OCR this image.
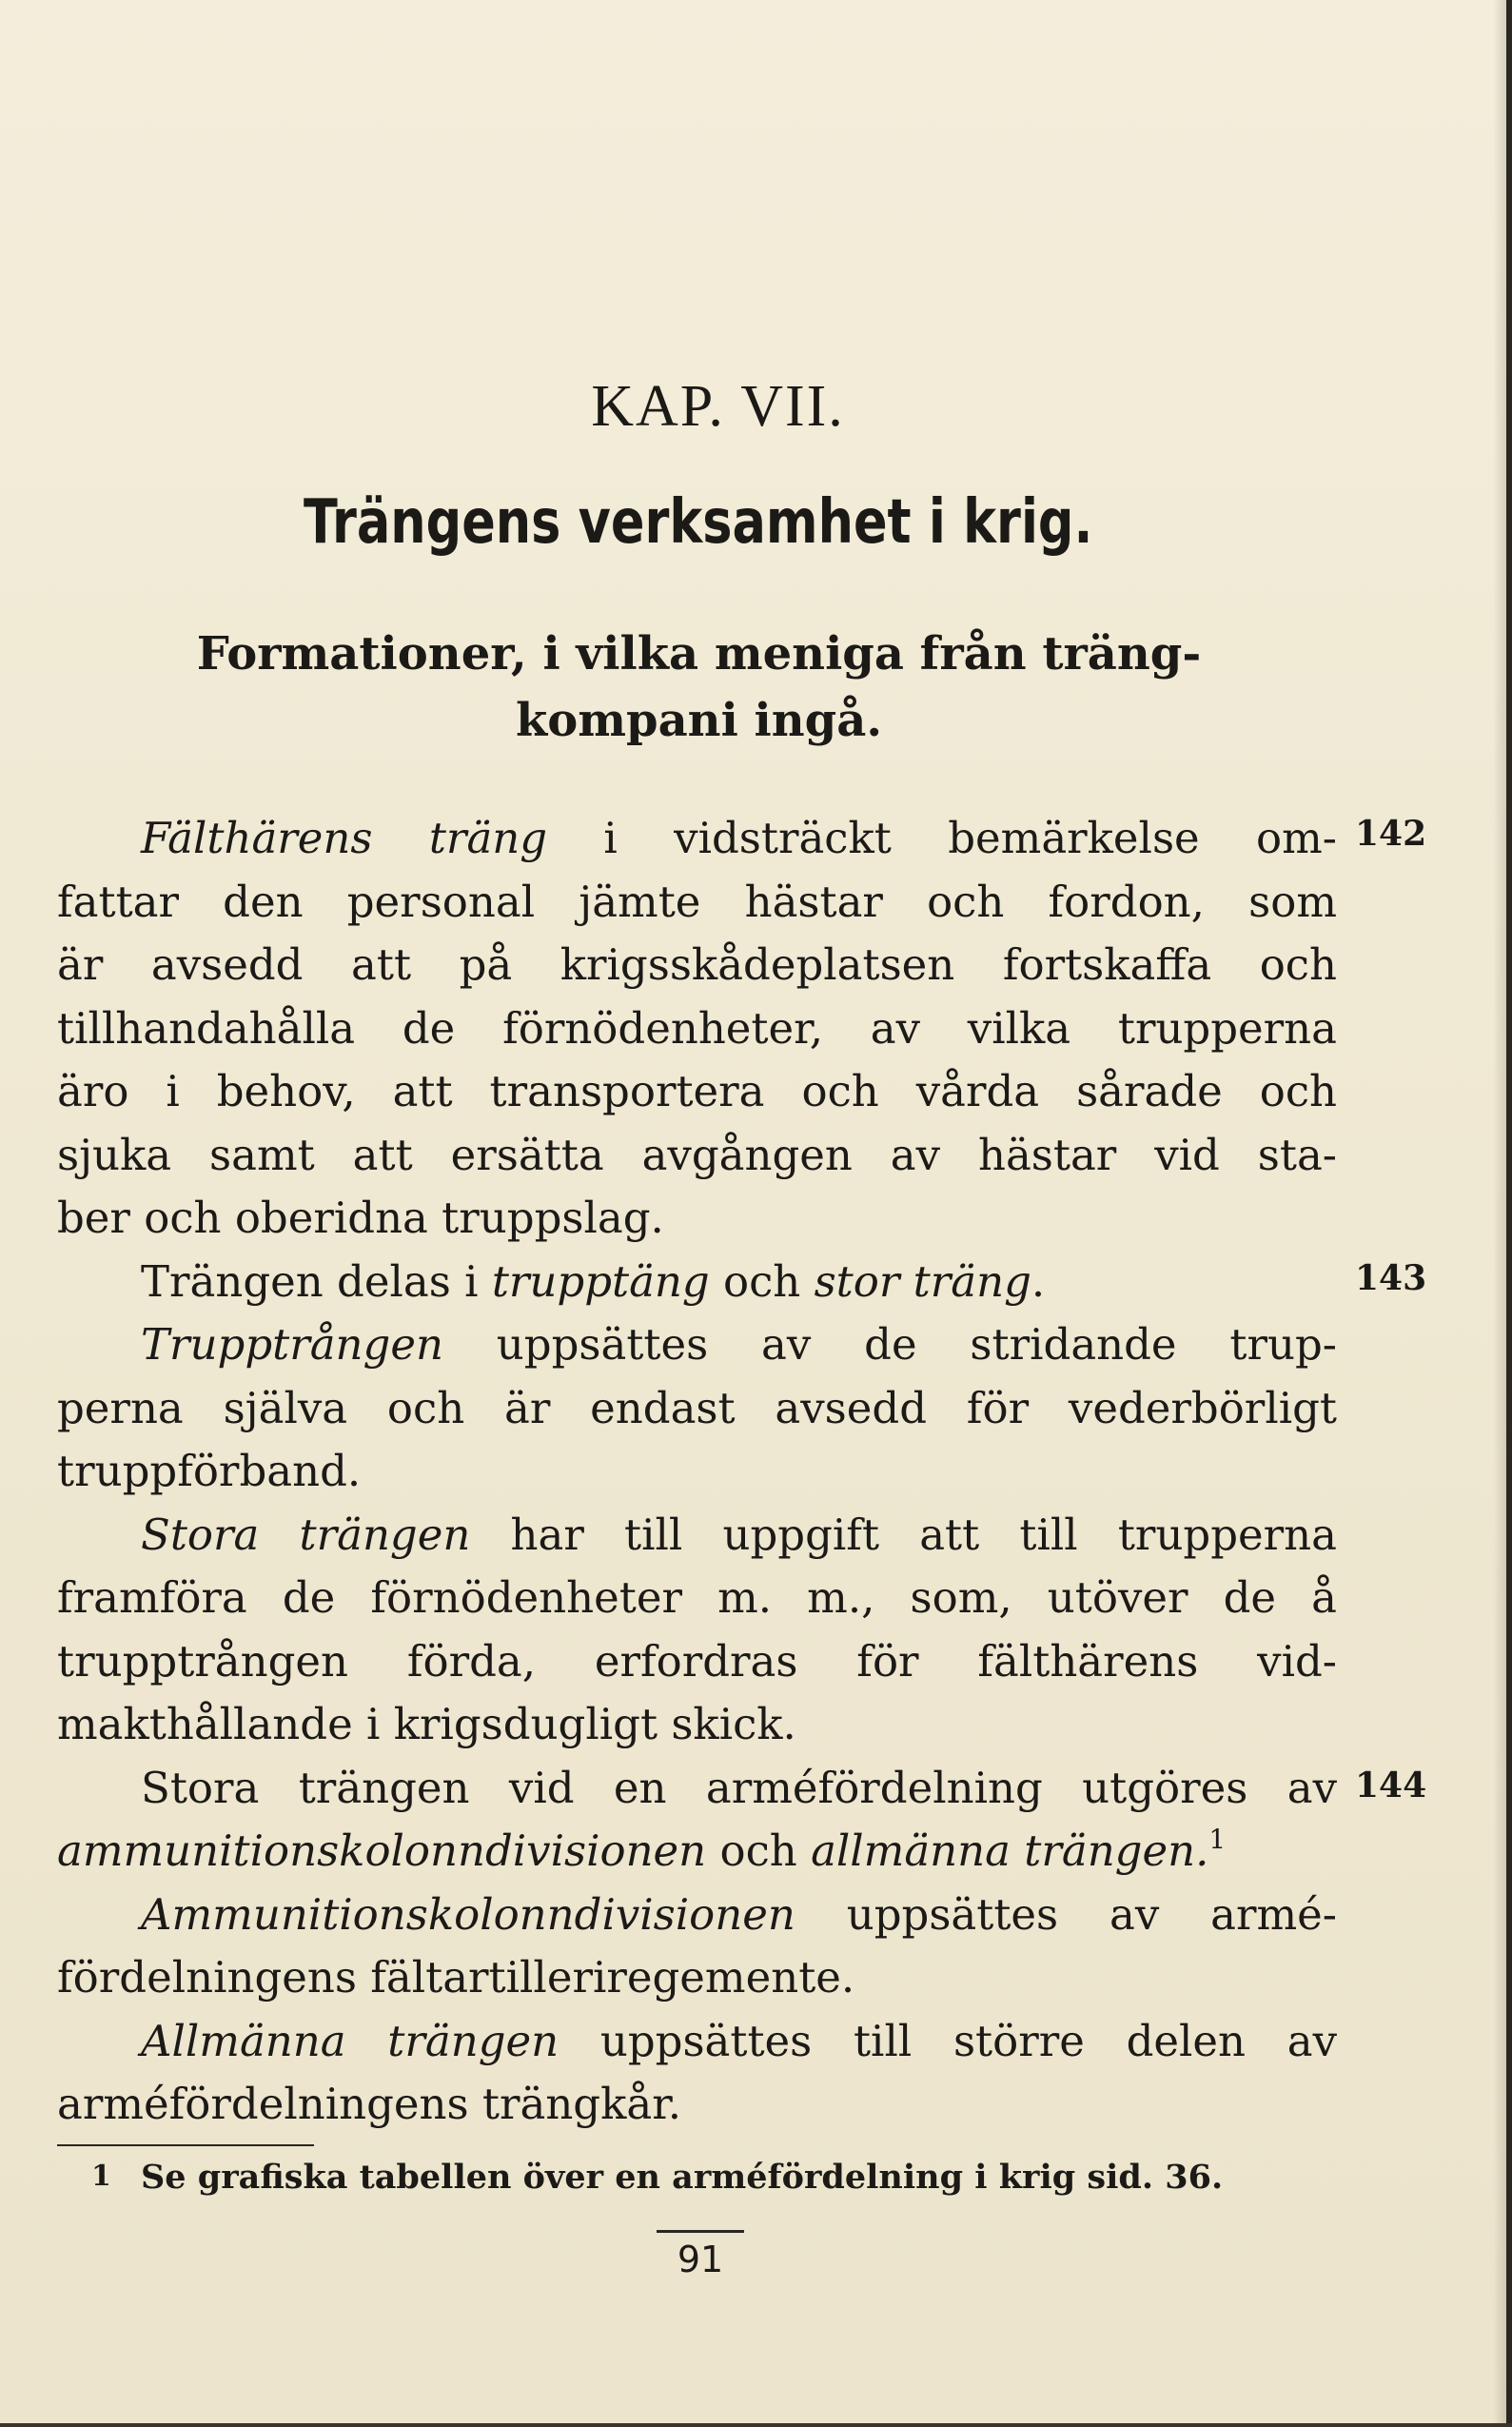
KAP. VII.
Trängens verksamhet i krig.
Formationer, i vilka meniga från träng-
kompani ingå.
142
143
144
Fälthärens träng i vidsträckt bemärkelse om-
fattar den personal jämte hästar och fordon, som
är avsedd att på krigsskådeplatsen fortskaffa och
tillhandahålla de förnödenheter, av vilka trupperna
äro i behov, att transportera och vårda sårade och
sjuka samt att ersätta avgången av hästar vid sta-
ber och oberidna truppslag.
Trängen delas i trupptäng och stor träng.
Trupptrången uppsättes av de stridande trup-
perna själva och är endast avsedd för vederbörligt
truppförband.
Stora trängen har till uppgift att till trupperna
framföra de förnödenheter m. m., som, utöver de å
trupptrången förda, erfordras för fälthärens vid-
makthållande i krigsdugligt skick.
Stora trängen vid en arméfördelning utgöres av
ammunitionskolonndivisionen och allmänna trängen.$^1$
Ammunitionskolonndivisionen uppsättes av armé-
fördelningens fältartilleriregemente.
Allmänna trängen uppsättes till större delen av
arméfördelningens trängkår.
1 Se grafiska tabellen över en arméfördelning i krig sid. 36.
91
